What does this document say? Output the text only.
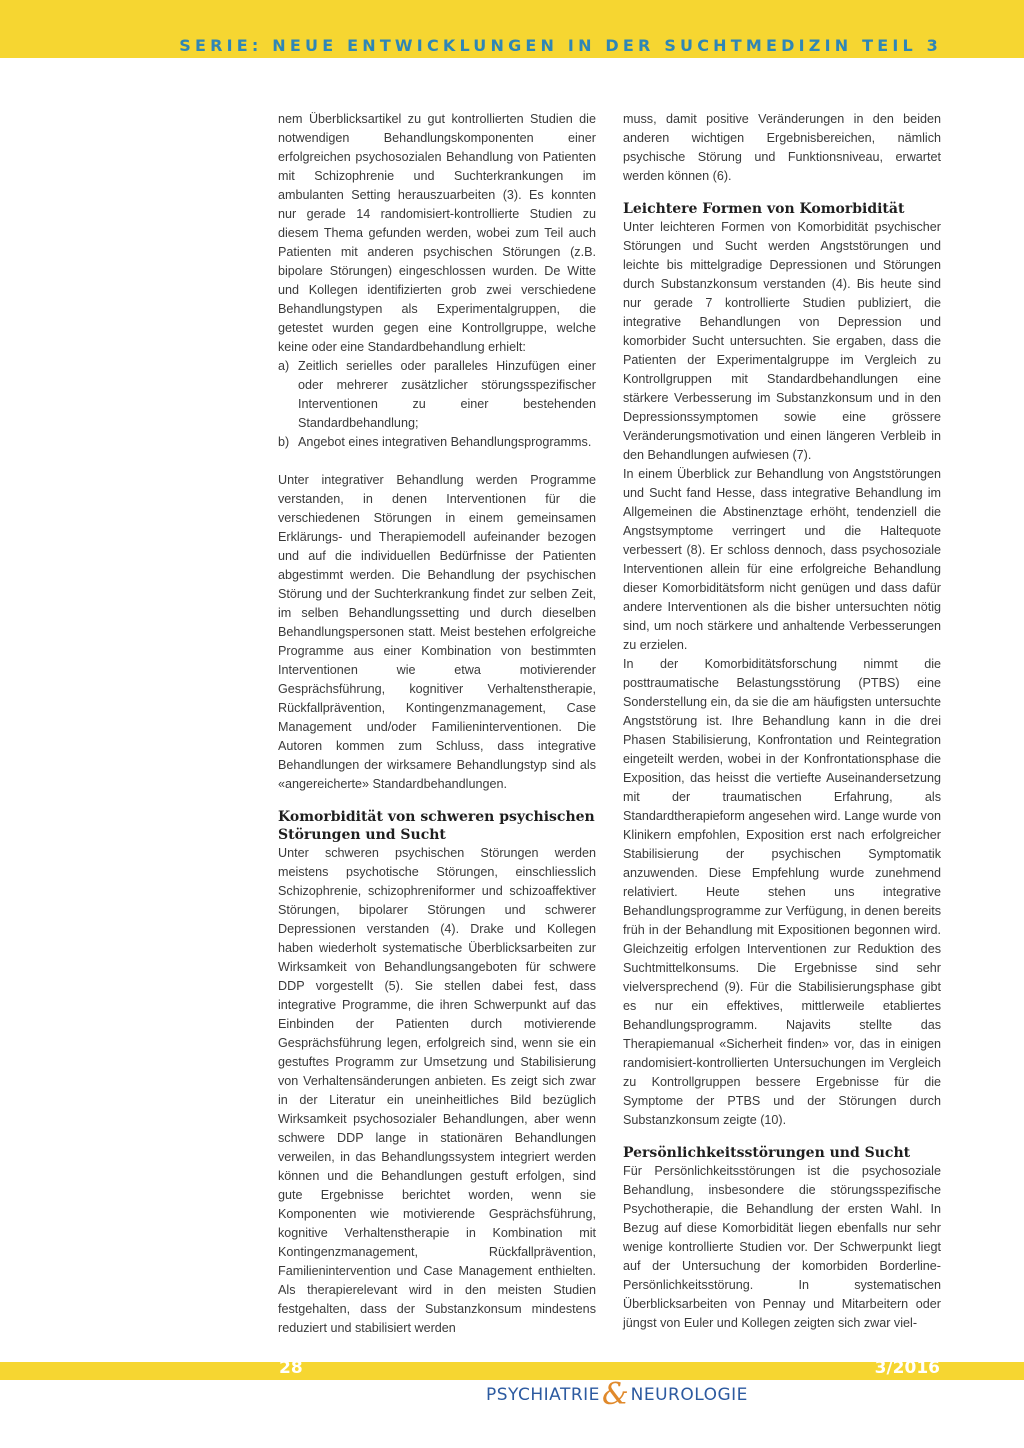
SERIE: NEUE ENTWICKLUNGEN IN DER SUCHTMEDIZIN TEIL 3

nem Überblicksartikel zu gut kontrollierten Studien die notwendigen Behandlungskomponenten einer erfolgreichen psychosozialen Behandlung von Patienten mit Schizophrenie und Suchterkrankungen im ambulanten Setting herauszuarbeiten (3). Es konnten nur gerade 14 randomisiert-kontrollierte Studien zu diesem Thema gefunden werden, wobei zum Teil auch Patienten mit anderen psychischen Störungen (z.B. bipolare Störungen) eingeschlossen wurden. De Witte und Kollegen identifizierten grob zwei verschiedene Behandlungstypen als Experimentalgruppen, die getestet wurden gegen eine Kontrollgruppe, welche keine oder eine Standardbehandlung erhielt:

a) Zeitlich serielles oder paralleles Hinzufügen einer oder mehrerer zusätzlicher störungsspezifischer Interventionen zu einer bestehenden Standardbehandlung;
b) Angebot eines integrativen Behandlungsprogramms.

Unter integrativer Behandlung werden Programme verstanden, in denen Interventionen für die verschiedenen Störungen in einem gemeinsamen Erklärungs- und Therapiemodell aufeinander bezogen und auf die individuellen Bedürfnisse der Patienten abgestimmt werden. Die Behandlung der psychischen Störung und der Suchterkrankung findet zur selben Zeit, im selben Behandlungssetting und durch dieselben Behandlungspersonen statt. Meist bestehen erfolgreiche Programme aus einer Kombination von bestimmten Interventionen wie etwa motivierender Gesprächsführung, kognitiver Verhaltenstherapie, Rückfallprävention, Kontingenzmanagement, Case Management und/oder Familieninterventionen. Die Autoren kommen zum Schluss, dass integrative Behandlungen der wirksamere Behandlungstyp sind als «angereicherte» Standardbehandlungen.

Komorbidität von schweren psychischen Störungen und Sucht

Unter schweren psychischen Störungen werden meistens psychotische Störungen, einschliesslich Schizophrenie, schizophreniformer und schizoaffektiver Störungen, bipolarer Störungen und schwerer Depressionen verstanden (4). Drake und Kollegen haben wiederholt systematische Überblicksarbeiten zur Wirksamkeit von Behandlungsangeboten für schwere DDP vorgestellt (5). Sie stellen dabei fest, dass integrative Programme, die ihren Schwerpunkt auf das Einbinden der Patienten durch motivierende Gesprächsführung legen, erfolgreich sind, wenn sie ein gestuftes Programm zur Umsetzung und Stabilisierung von Verhaltensänderungen anbieten. Es zeigt sich zwar in der Literatur ein uneinheitliches Bild bezüglich Wirksamkeit psychosozialer Behandlungen, aber wenn schwere DDP lange in stationären Behandlungen verweilen, in das Behandlungssystem integriert werden können und die Behandlungen gestuft erfolgen, sind gute Ergebnisse berichtet worden, wenn sie Komponenten wie motivierende Gesprächsführung, kognitive Verhaltenstherapie in Kombination mit Kontingenzmanagement, Rückfallprävention, Familienintervention und Case Management enthielten. Als therapierelevant wird in den meisten Studien festgehalten, dass der Substanzkonsum mindestens reduziert und stabilisiert werden

muss, damit positive Veränderungen in den beiden anderen wichtigen Ergebnisbereichen, nämlich psychische Störung und Funktionsniveau, erwartet werden können (6).

Leichtere Formen von Komorbidität

Unter leichteren Formen von Komorbidität psychischer Störungen und Sucht werden Angststörungen und leichte bis mittelgradige Depressionen und Störungen durch Substanzkonsum verstanden (4). Bis heute sind nur gerade 7 kontrollierte Studien publiziert, die integrative Behandlungen von Depression und komorbider Sucht untersuchten. Sie ergaben, dass die Patienten der Experimentalgruppe im Vergleich zu Kontrollgruppen mit Standardbehandlungen eine stärkere Verbesserung im Substanzkonsum und in den Depressionssymptomen sowie eine grössere Veränderungsmotivation und einen längeren Verbleib in den Behandlungen aufwiesen (7).

In einem Überblick zur Behandlung von Angststörungen und Sucht fand Hesse, dass integrative Behandlung im Allgemeinen die Abstinenztage erhöht, tendenziell die Angstsymptome verringert und die Haltequote verbessert (8). Er schloss dennoch, dass psychosoziale Interventionen allein für eine erfolgreiche Behandlung dieser Komorbiditätsform nicht genügen und dass dafür andere Interventionen als die bisher untersuchten nötig sind, um noch stärkere und anhaltende Verbesserungen zu erzielen.

In der Komorbiditätsforschung nimmt die posttraumatische Belastungsstörung (PTBS) eine Sonderstellung ein, da sie die am häufigsten untersuchte Angststörung ist. Ihre Behandlung kann in die drei Phasen Stabilisierung, Konfrontation und Reintegration eingeteilt werden, wobei in der Konfrontationsphase die Exposition, das heisst die vertiefte Auseinandersetzung mit der traumatischen Erfahrung, als Standardtherapieform angesehen wird. Lange wurde von Klinikern empfohlen, Exposition erst nach erfolgreicher Stabilisierung der psychischen Symptomatik anzuwenden. Diese Empfehlung wurde zunehmend relativiert. Heute stehen uns integrative Behandlungsprogramme zur Verfügung, in denen bereits früh in der Behandlung mit Expositionen begonnen wird. Gleichzeitig erfolgen Interventionen zur Reduktion des Suchtmittelkonsums. Die Ergebnisse sind sehr vielversprechend (9). Für die Stabilisierungsphase gibt es nur ein effektives, mittlerweile etabliertes Behandlungsprogramm. Najavits stellte das Therapiemanual «Sicherheit finden» vor, das in einigen randomisiert-kontrollierten Untersuchungen im Vergleich zu Kontrollgruppen bessere Ergebnisse für die Symptome der PTBS und der Störungen durch Substanzkonsum zeigte (10).

Persönlichkeitsstörungen und Sucht

Für Persönlichkeitsstörungen ist die psychosoziale Behandlung, insbesondere die störungsspezifische Psychotherapie, die Behandlung der ersten Wahl. In Bezug auf diese Komorbidität liegen ebenfalls nur sehr wenige kontrollierte Studien vor. Der Schwerpunkt liegt auf der Untersuchung der komorbiden Borderline-Persönlichkeitsstörung. In systematischen Überblicksarbeiten von Pennay und Mitarbeitern oder jüngst von Euler und Kollegen zeigten sich zwar viel-

28	3/2016
PSYCHIATRIE & NEUROLOGIE
